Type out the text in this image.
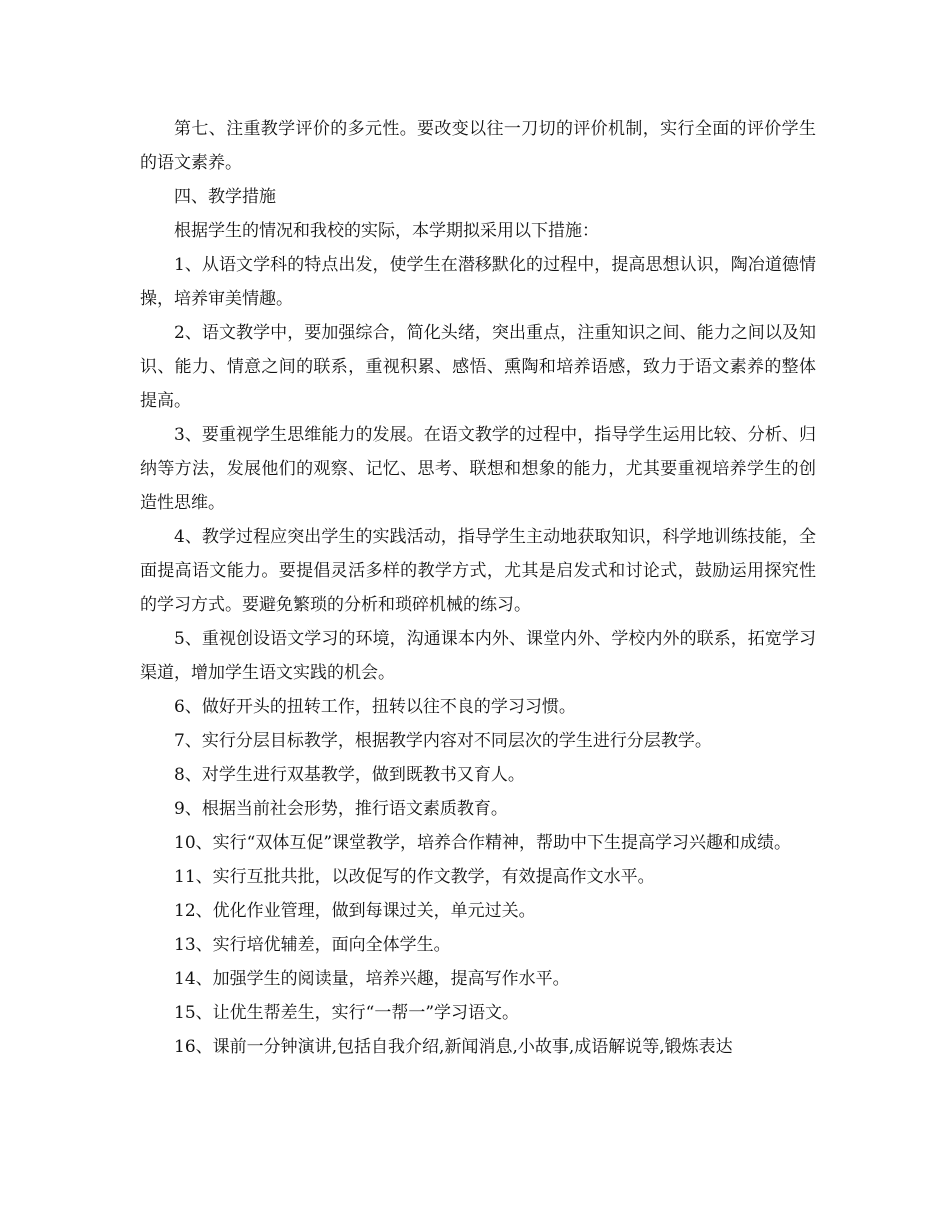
第七、注重教学评价的多元性。要改变以往一刀切的评价机制，实行全面的评价学生的语文素养。

四、教学措施

根据学生的情况和我校的实际，本学期拟采用以下措施：

1、从语文学科的特点出发，使学生在潜移默化的过程中，提高思想认识，陶冶道德情操，培养审美情趣。

2、语文教学中，要加强综合，简化头绪，突出重点，注重知识之间、能力之间以及知识、能力、情意之间的联系，重视积累、感悟、熏陶和培养语感，致力于语文素养的整体提高。

3、要重视学生思维能力的发展。在语文教学的过程中，指导学生运用比较、分析、归纳等方法，发展他们的观察、记忆、思考、联想和想象的能力，尤其要重视培养学生的创造性思维。

4、教学过程应突出学生的实践活动，指导学生主动地获取知识，科学地训练技能，全面提高语文能力。要提倡灵活多样的教学方式，尤其是启发式和讨论式，鼓励运用探究性的学习方式。要避免繁琐的分析和琐碎机械的练习。

5、重视创设语文学习的环境，沟通课本内外、课堂内外、学校内外的联系，拓宽学习渠道，增加学生语文实践的机会。

6、做好开头的扭转工作，扭转以往不良的学习习惯。

7、实行分层目标教学，根据教学内容对不同层次的学生进行分层教学。

8、对学生进行双基教学，做到既教书又育人。

9、根据当前社会形势，推行语文素质教育。

10、实行“双体互促”课堂教学，培养合作精神，帮助中下生提高学习兴趣和成绩。

11、实行互批共批，以改促写的作文教学，有效提高作文水平。

12、优化作业管理，做到每课过关，单元过关。

13、实行培优辅差，面向全体学生。

14、加强学生的阅读量，培养兴趣，提高写作水平。

15、让优生帮差生，实行“一帮一”学习语文。

16、课前一分钟演讲,包括自我介绍,新闻消息,小故事,成语解说等,锻炼表达
